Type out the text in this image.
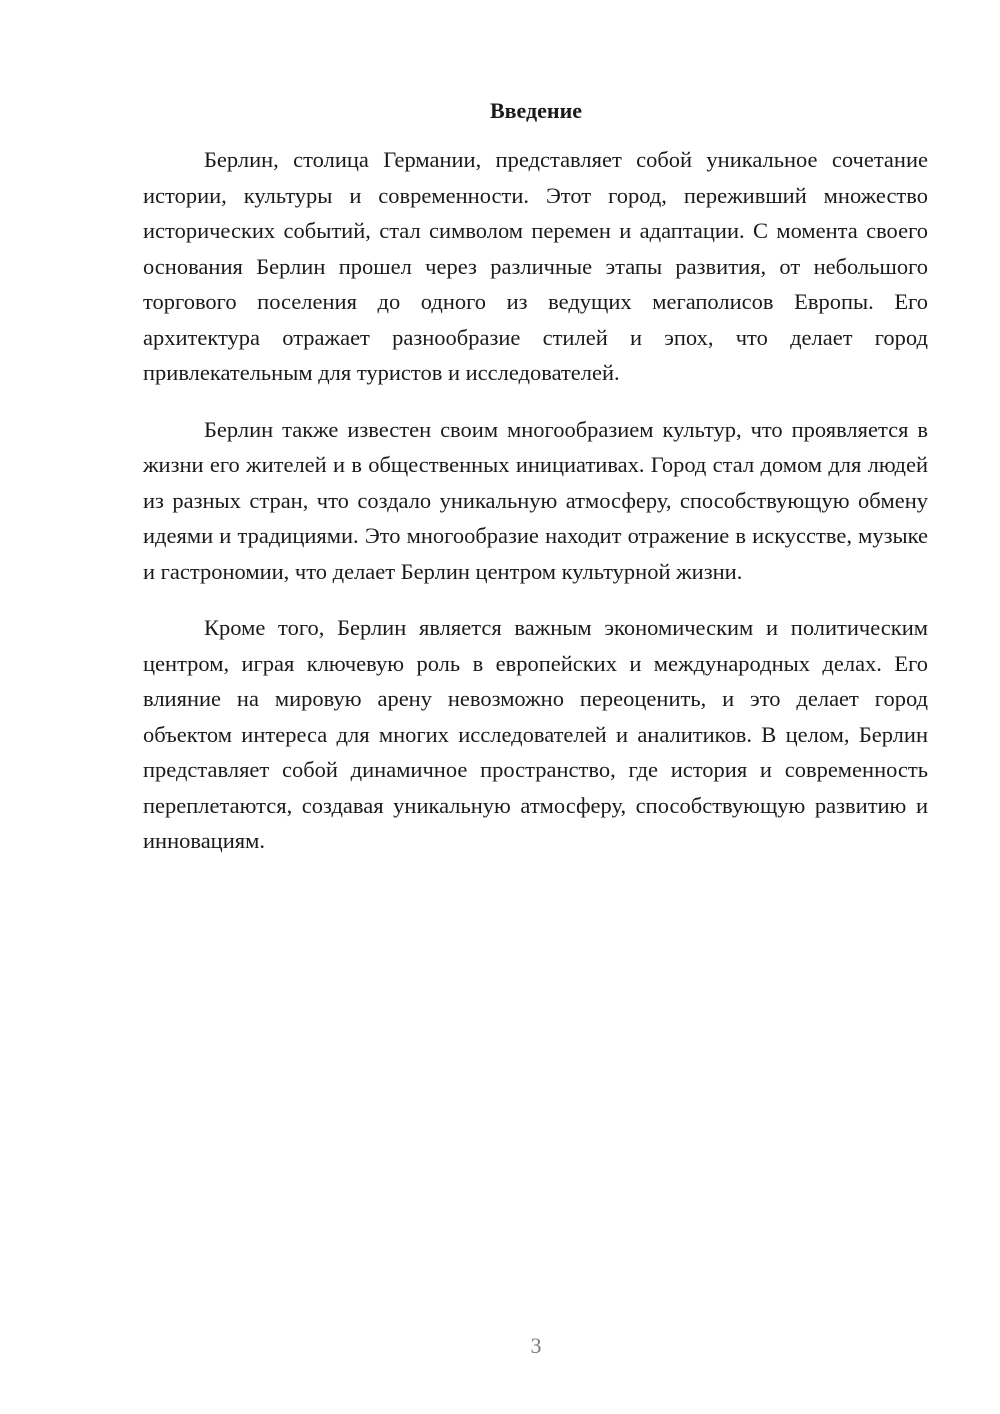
Введение

Берлин, столица Германии, представляет собой уникальное сочетание истории, культуры и современности. Этот город, переживший множество исторических событий, стал символом перемен и адаптации. С момента своего основания Берлин прошел через различные этапы развития, от небольшого торгового поселения до одного из ведущих мегаполисов Европы. Его архитектура отражает разнообразие стилей и эпох, что делает город привлекательным для туристов и исследователей.

Берлин также известен своим многообразием культур, что проявляется в жизни его жителей и в общественных инициативах. Город стал домом для людей из разных стран, что создало уникальную атмосферу, способствующую обмену идеями и традициями. Это многообразие находит отражение в искусстве, музыке и гастрономии, что делает Берлин центром культурной жизни.

Кроме того, Берлин является важным экономическим и политическим центром, играя ключевую роль в европейских и международных делах. Его влияние на мировую арену невозможно переоценить, и это делает город объектом интереса для многих исследователей и аналитиков. В целом, Берлин представляет собой динамичное пространство, где история и современность переплетаются, создавая уникальную атмосферу, способствующую развитию и инновациям.

3
